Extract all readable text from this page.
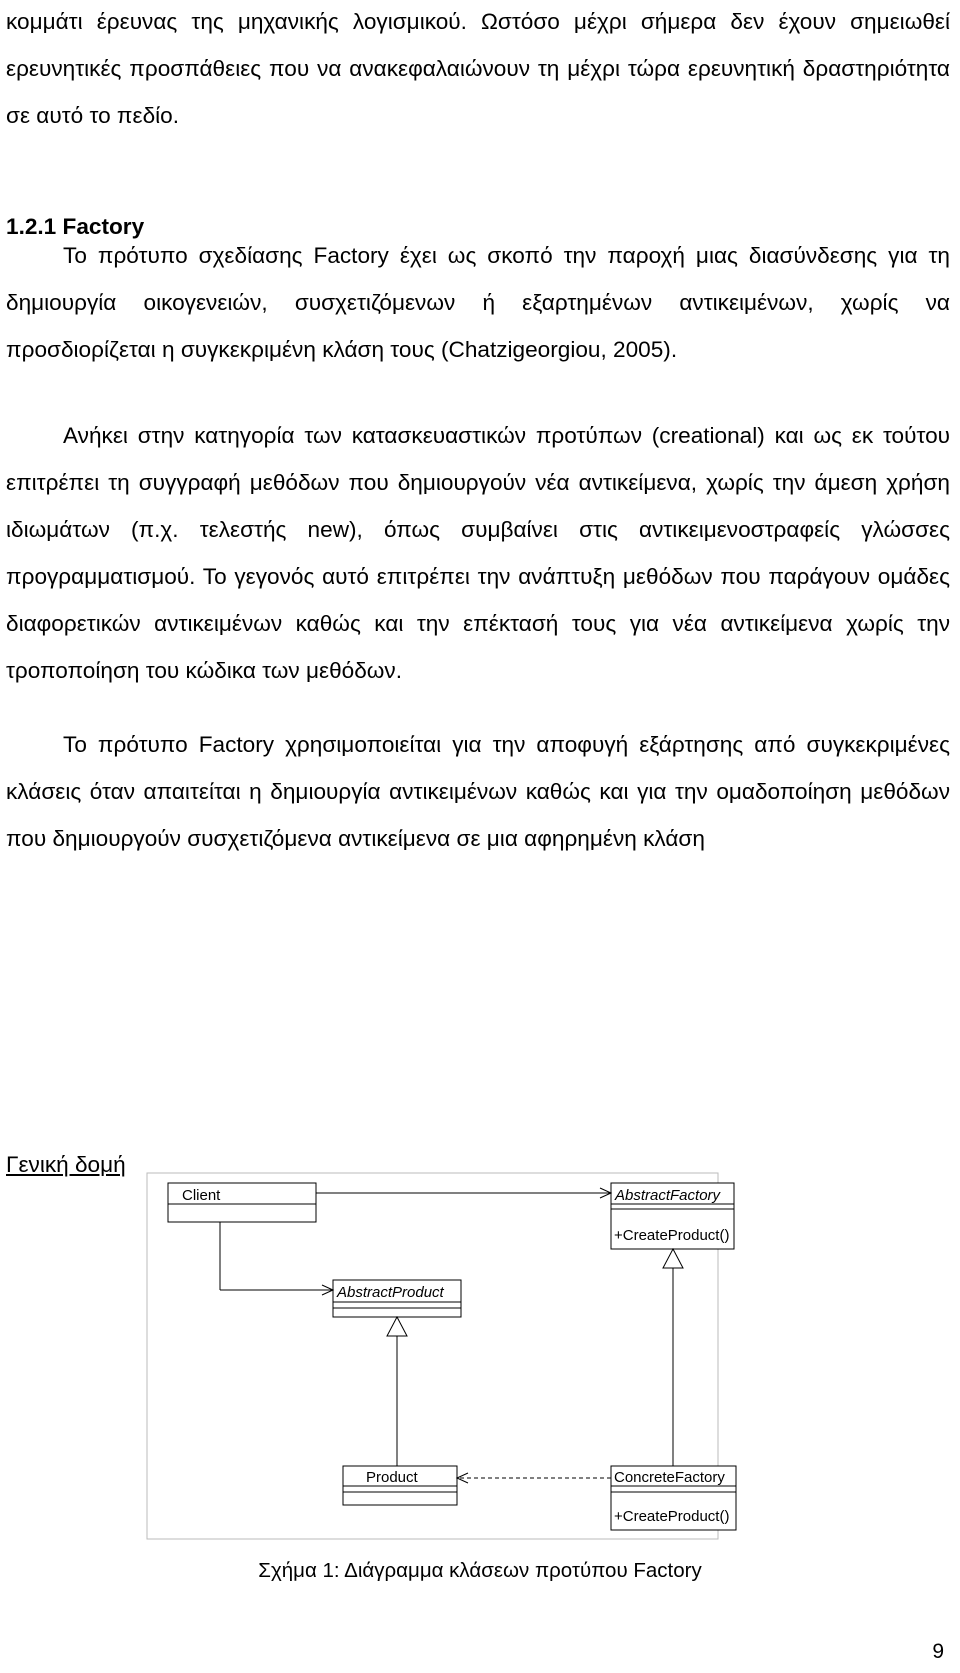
κομμάτι έρευνας της μηχανικής λογισμικού. Ωστόσο μέχρι σήμερα δεν έχουν σημειωθεί ερευνητικές προσπάθειες που να ανακεφαλαιώνουν τη μέχρι τώρα ερευνητική δραστηριότητα σε αυτό το πεδίο.
1.2.1 Factory
Το πρότυπο σχεδίασης Factory έχει ως σκοπό την παροχή μιας διασύνδεσης για τη δημιουργία οικογενειών, συσχετιζόμενων ή εξαρτημένων αντικειμένων, χωρίς να προσδιορίζεται η συγκεκριμένη κλάση τους (Chatzigeorgiou, 2005).
Ανήκει στην κατηγορία των κατασκευαστικών προτύπων (creational) και ως εκ τούτου επιτρέπει τη συγγραφή μεθόδων που δημιουργούν νέα αντικείμενα, χωρίς την άμεση χρήση ιδιωμάτων (π.χ. τελεστής new), όπως συμβαίνει στις αντικειμενοστραφείς γλώσσες προγραμματισμού. Το γεγονός αυτό επιτρέπει την ανάπτυξη μεθόδων που παράγουν ομάδες διαφορετικών αντικειμένων καθώς και την επέκτασή τους για νέα αντικείμενα χωρίς την τροποποίηση του κώδικα των μεθόδων.
Το πρότυπο Factory χρησιμοποιείται για την αποφυγή εξάρτησης από συγκεκριμένες κλάσεις όταν απαιτείται η δημιουργία αντικειμένων καθώς και για την ομαδοποίηση μεθόδων που δημιουργούν συσχετιζόμενα αντικείμενα σε μια αφηρημένη κλάση
Γενική δομή
Client	AbstractFactory
+CreateProduct()
AbstractProduct
Product	ConcreteFactory
+CreateProduct()
Σχήμα 1: Διάγραμμα κλάσεων προτύπου Factory
9
